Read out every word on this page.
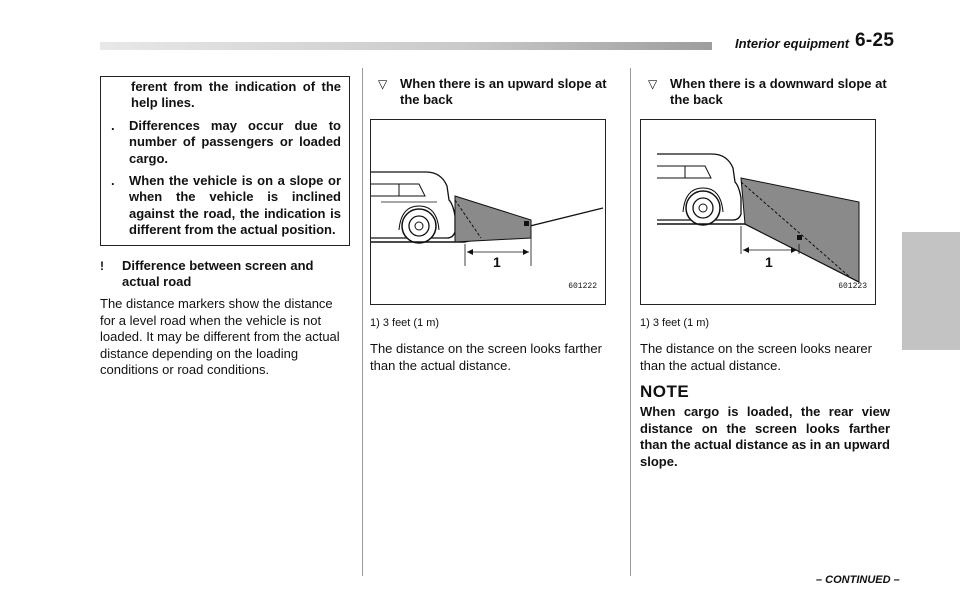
Interior equipment 6-25

ferent from the indication of the help lines.

.	Differences may occur due to number of passengers or loaded cargo.
.	When the vehicle is on a slope or when the vehicle is inclined against the road, the indication is different from the actual position.
!	Difference between screen and actual road

The distance markers show the distance for a level road when the vehicle is not loaded. It may be different from the actual distance depending on the loading conditions or road conditions.

▽ When there is an upward slope at the back
1
601222
1) 3 feet (1 m)

The distance on the screen looks farther than the actual distance.

▽ When there is a downward slope at the back
1
601223
1) 3 feet (1 m)

The distance on the screen looks nearer than the actual distance.

NOTE

When cargo is loaded, the rear view distance on the screen looks farther than the actual distance as in an upward slope.

– CONTINUED –
